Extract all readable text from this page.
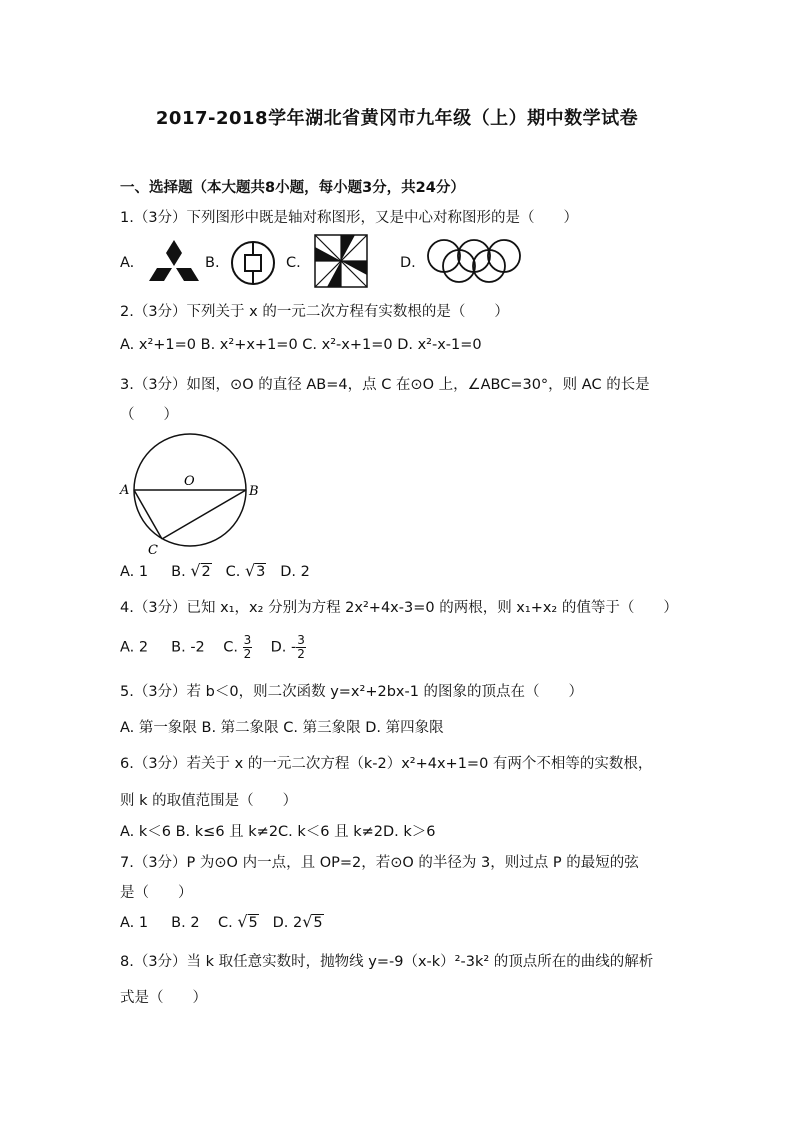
2017-2018学年湖北省黄冈市九年级（上）期中数学试卷
一、选择题（本大题共8小题，每小题3分，共24分）
1.（3分）下列图形中既是轴对称图形，又是中心对称图形的是（　　）
A.	B.	C.	D.
2.（3分）下列关于 x 的一元二次方程有实数根的是（　　）
A. x²+1=0 B. x²+x+1=0 C. x²-x+1=0 D. x²-x-1=0
3.（3分）如图，⊙O 的直径 AB=4，点 C 在⊙O 上，∠ABC=30°，则 AC 的长是
（　　）
A	B
O
C
A. 1 B. √2 C. √3 D. 2
4.（3分）已知 x₁，x₂ 分别为方程 2x²+4x-3=0 的两根，则 x₁+x₂ 的值等于（　　）
A. 2 B. -2 C. $\frac{3}{2} D$. - $\frac{3}{2}$
5.（3分）若 b＜0，则二次函数 y=x²+2bx-1 的图象的顶点在（　　）
A. 第一象限 B. 第二象限 C. 第三象限 D. 第四象限
6.（3分）若关于 x 的一元二次方程（k-2）x²+4x+1=0 有两个不相等的实数根，
则 k 的取值范围是（　　）
A. k＜6 B. k≤6 且 k≠2C. k＜6 且 k≠2D. k＞6
7.（3分）P 为⊙O 内一点，且 OP=2，若⊙O 的半径为 3，则过点 P 的最短的弦
是（　　）
A. 1 B. 2 C. √5 D. 2√5
8.（3分）当 k 取任意实数时，抛物线 y=-9（x-k）²-3k² 的顶点所在的曲线的解析
式是（　　）
